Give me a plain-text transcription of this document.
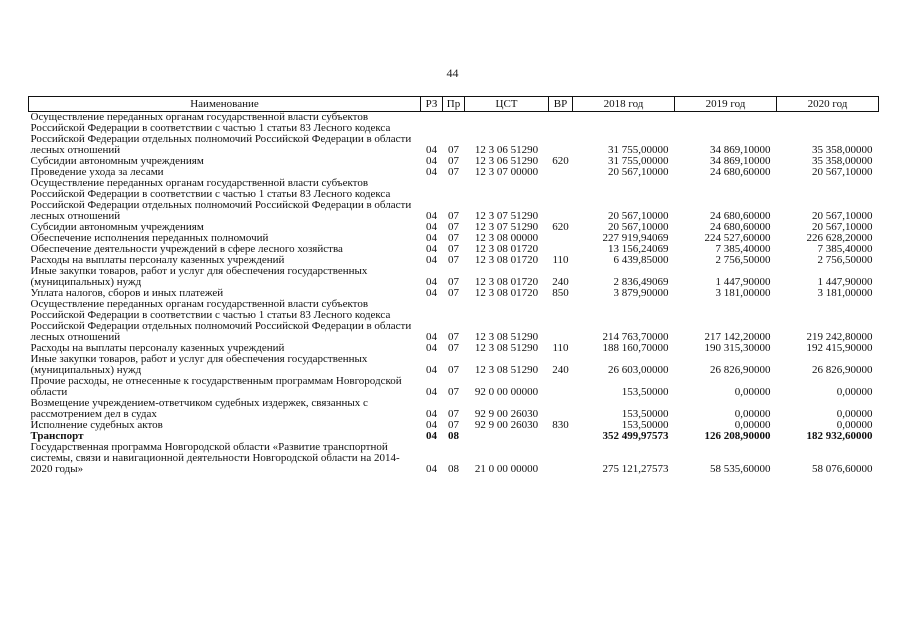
44
Наименование	РЗ	Пр	ЦСТ	ВР	2018 год	2019 год	2020 год
Осуществление переданных органам государственной власти субъектов Российской Федерации в соответствии с частью 1 статьи 83 Лесного кодекса Российской Федерации отдельных полномочий Российской Федерации в области лесных отношений	04	07	12 3 06 51290		31 755,00000	34 869,10000	35 358,00000
Субсидии автономным учреждениям	04	07	12 3 06 51290	620	31 755,00000	34 869,10000	35 358,00000
Проведение ухода за лесами	04	07	12 3 07 00000		20 567,10000	24 680,60000	20 567,10000
Осуществление переданных органам государственной власти субъектов Российской Федерации в соответствии с частью 1 статьи 83 Лесного кодекса Российской Федерации отдельных полномочий Российской Федерации в области лесных отношений	04	07	12 3 07 51290		20 567,10000	24 680,60000	20 567,10000
Субсидии автономным учреждениям	04	07	12 3 07 51290	620	20 567,10000	24 680,60000	20 567,10000
Обеспечение исполнения переданных полномочий	04	07	12 3 08 00000		227 919,94069	224 527,60000	226 628,20000
Обеспечение деятельности учреждений в сфере лесного хозяйства	04	07	12 3 08 01720		13 156,24069	7 385,40000	7 385,40000
Расходы на выплаты персоналу казенных учреждений	04	07	12 3 08 01720	110	6 439,85000	2 756,50000	2 756,50000
Иные закупки товаров, работ и услуг для обеспечения государственных (муниципальных) нужд	04	07	12 3 08 01720	240	2 836,49069	1 447,90000	1 447,90000
Уплата налогов, сборов и иных платежей	04	07	12 3 08 01720	850	3 879,90000	3 181,00000	3 181,00000
Осуществление переданных органам государственной власти субъектов Российской Федерации в соответствии с частью 1 статьи 83 Лесного кодекса Российской Федерации отдельных полномочий Российской Федерации в области лесных отношений	04	07	12 3 08 51290		214 763,70000	217 142,20000	219 242,80000
Расходы на выплаты персоналу казенных учреждений	04	07	12 3 08 51290	110	188 160,70000	190 315,30000	192 415,90000
Иные закупки товаров, работ и услуг для обеспечения государственных (муниципальных) нужд	04	07	12 3 08 51290	240	26 603,00000	26 826,90000	26 826,90000
Прочие расходы, не отнесенные к государственным программам Новгородской области	04	07	92 0 00 00000		153,50000	0,00000	0,00000
Возмещение учреждением-ответчиком судебных издержек, связанных с рассмотрением дел в судах	04	07	92 9 00 26030		153,50000	0,00000	0,00000
Исполнение судебных актов	04	07	92 9 00 26030	830	153,50000	0,00000	0,00000
Транспорт	04	08			352 499,97573	126 208,90000	182 932,60000
Государственная программа Новгородской области «Развитие транспортной системы, связи и навигационной деятельности Новгородской области на 2014-2020 годы»	04	08	21 0 00 00000		275 121,27573	58 535,60000	58 076,60000
